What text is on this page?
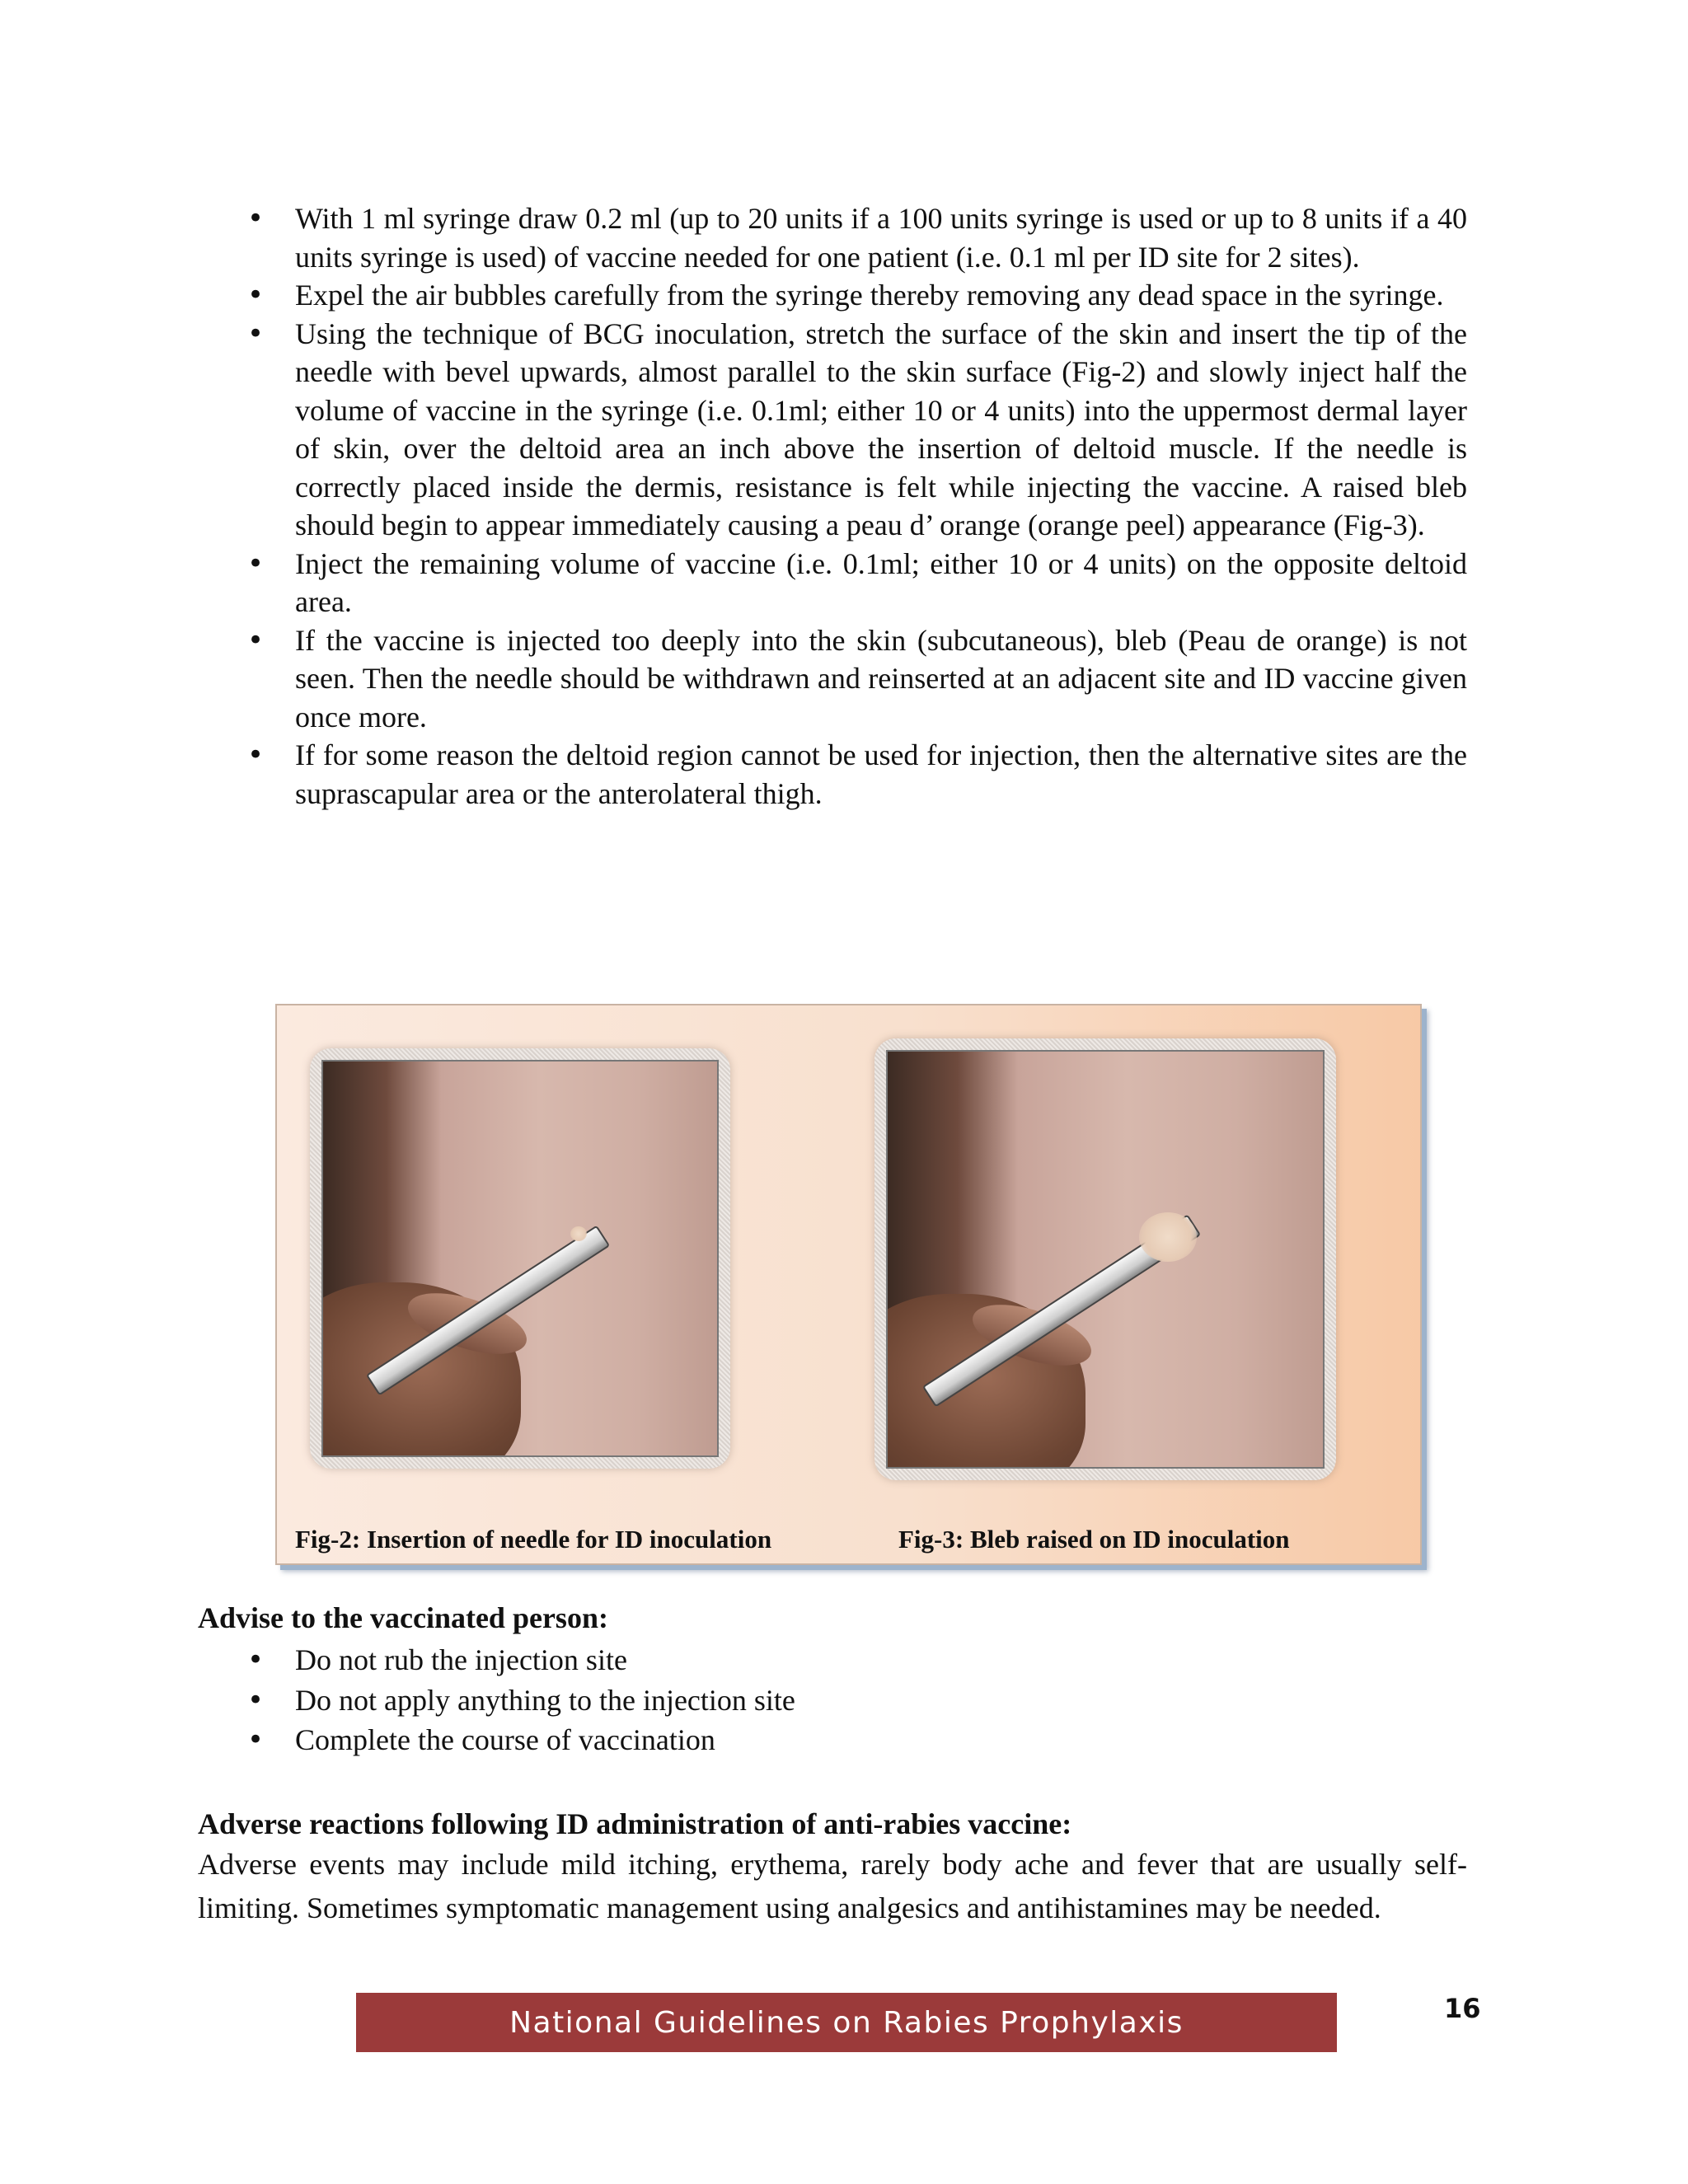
• With 1 ml syringe draw 0.2 ml (up to 20 units if a 100 units syringe is used or up to 8 units if a 40 units syringe is used) of vaccine needed for one patient (i.e. 0.1 ml per ID site for 2 sites).
• Expel the air bubbles carefully from the syringe thereby removing any dead space in the syringe.
• Using the technique of BCG inoculation, stretch the surface of the skin and insert the tip of the needle with bevel upwards, almost parallel to the skin surface (Fig-2) and slowly inject half the volume of vaccine in the syringe (i.e. 0.1ml; either 10 or 4 units) into the uppermost dermal layer of skin, over the deltoid area an inch above the insertion of deltoid muscle. If the needle is correctly placed inside the dermis, resistance is felt while injecting the vaccine. A raised bleb should begin to appear immediately causing a peau d’ orange (orange peel) appearance (Fig-3).
• Inject the remaining volume of vaccine (i.e. 0.1ml; either 10 or 4 units) on the opposite deltoid area.
• If the vaccine is injected too deeply into the skin (subcutaneous), bleb (Peau de orange) is not seen. Then the needle should be withdrawn and reinserted at an adjacent site and ID vaccine given once more.
• If for some reason the deltoid region cannot be used for injection, then the alternative sites are the suprascapular area or the anterolateral thigh.
Fig-2: Insertion of needle for ID inoculation	Fig-3: Bleb raised on ID inoculation
Advise to the vaccinated person:
• Do not rub the injection site
• Do not apply anything to the injection site
• Complete the course of vaccination
Adverse reactions following ID administration of anti-rabies vaccine:

Adverse events may include mild itching, erythema, rarely body ache and fever that are usually self-limiting. Sometimes symptomatic management using analgesics and antihistamines may be needed.

National Guidelines on Rabies Prophylaxis	16
